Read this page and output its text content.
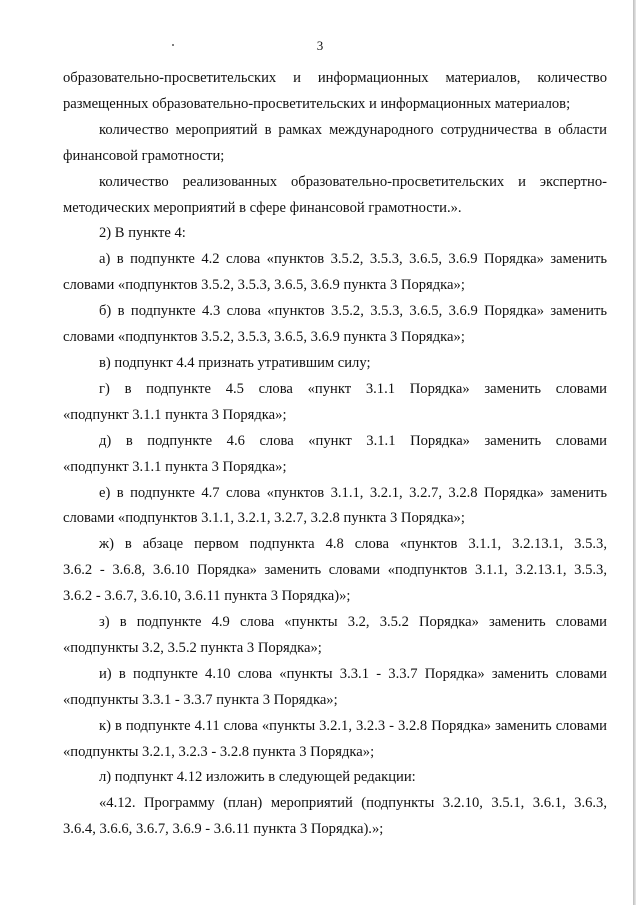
3
образовательно-просветительских и информационных материалов, количество
размещенных образовательно-просветительских и информационных материалов;
количество мероприятий в рамках международного сотрудничества в области
финансовой грамотности;
количество реализованных образовательно-просветительских и экспертно-
методических мероприятий в сфере финансовой грамотности.».
2) В пункте 4:
а) в подпункте 4.2 слова «пунктов 3.5.2, 3.5.3, 3.6.5, 3.6.9 Порядка» заменить
словами «подпунктов 3.5.2, 3.5.3, 3.6.5, 3.6.9 пункта 3 Порядка»;
б) в подпункте 4.3 слова «пунктов 3.5.2, 3.5.3, 3.6.5, 3.6.9 Порядка» заменить
словами «подпунктов 3.5.2, 3.5.3, 3.6.5, 3.6.9 пункта 3 Порядка»;
в) подпункт 4.4 признать утратившим силу;
г) в подпункте 4.5 слова «пункт 3.1.1 Порядка» заменить словами
«подпункт 3.1.1 пункта 3 Порядка»;
д) в подпункте 4.6 слова «пункт 3.1.1 Порядка» заменить словами
«подпункт 3.1.1 пункта 3 Порядка»;
е) в подпункте 4.7 слова «пунктов 3.1.1, 3.2.1, 3.2.7, 3.2.8 Порядка» заменить
словами «подпунктов 3.1.1, 3.2.1, 3.2.7, 3.2.8 пункта 3 Порядка»;
ж) в абзаце первом подпункта 4.8 слова «пунктов 3.1.1, 3.2.13.1, 3.5.3,
3.6.2 - 3.6.8, 3.6.10 Порядка» заменить словами «подпунктов 3.1.1, 3.2.13.1, 3.5.3,
3.6.2 - 3.6.7, 3.6.10, 3.6.11 пункта 3 Порядка)»;
з) в подпункте 4.9 слова «пункты 3.2, 3.5.2 Порядка» заменить словами
«подпункты 3.2, 3.5.2 пункта 3 Порядка»;
и) в подпункте 4.10 слова «пункты 3.3.1 - 3.3.7 Порядка» заменить словами
«подпункты 3.3.1 - 3.3.7 пункта 3 Порядка»;
к) в подпункте 4.11 слова «пункты 3.2.1, 3.2.3 - 3.2.8 Порядка» заменить словами
«подпункты 3.2.1, 3.2.3 - 3.2.8 пункта 3 Порядка»;
л) подпункт 4.12 изложить в следующей редакции:
«4.12. Программу (план) мероприятий (подпункты 3.2.10, 3.5.1, 3.6.1, 3.6.3,
3.6.4, 3.6.6, 3.6.7, 3.6.9 - 3.6.11 пункта 3 Порядка).»;
